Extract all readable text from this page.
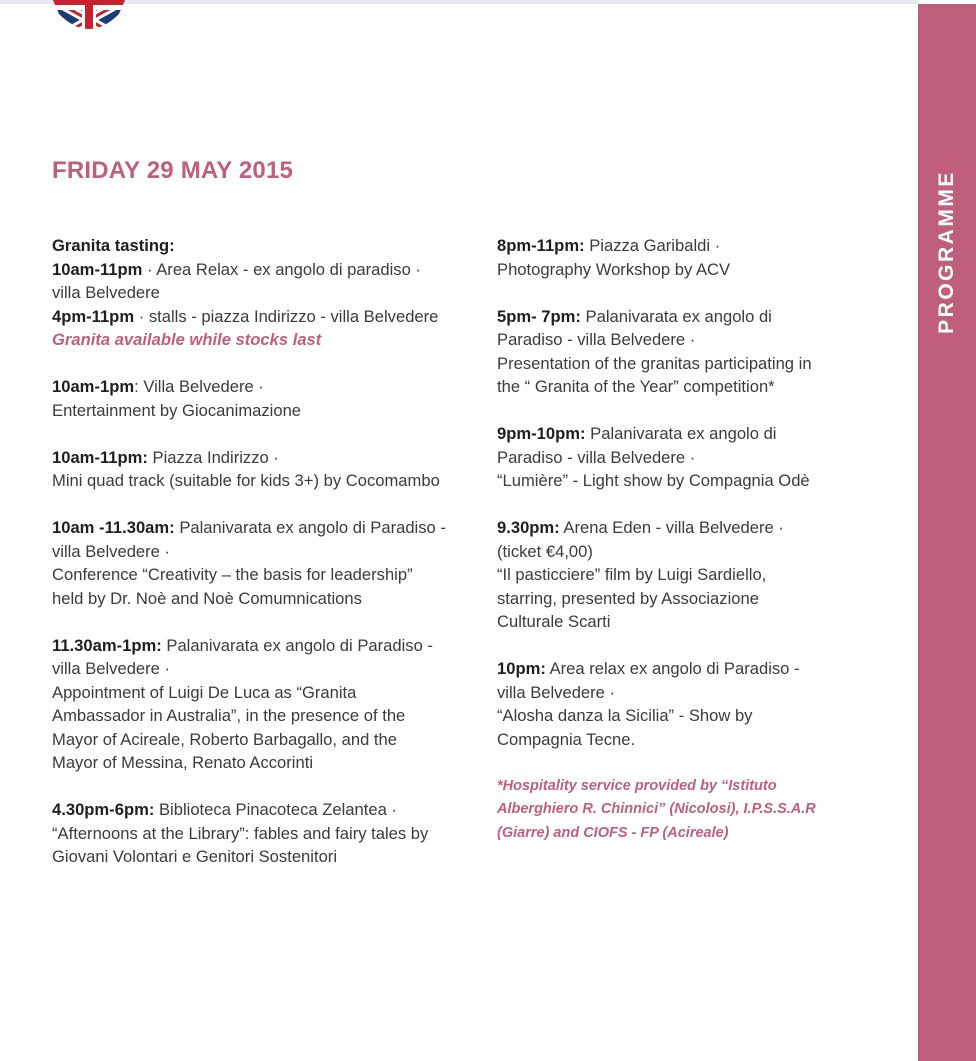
PROGRAMME
FRIDAY 29 MAY 2015
Granita tasting:
10am-11pm · Area Relax - ex angolo di paradiso ·
villa Belvedere
4pm-11pm · stalls - piazza Indirizzo - villa Belvedere
Granita available while stocks last
10am-1pm: Villa Belvedere ·
Entertainment by Giocanimazione
10am-11pm: Piazza Indirizzo ·
Mini quad track (suitable for kids 3+) by Cocomambo
10am -11.30am: Palanivarata ex angolo di Paradiso -
villa Belvedere ·
Conference “Creativity – the basis for leadership”
held by Dr. Noè and Noè Comumnications
11.30am-1pm: Palanivarata ex angolo di Paradiso -
villa Belvedere ·
Appointment of Luigi De Luca as “Granita
Ambassador in Australia”, in the presence of the
Mayor of Acireale, Roberto Barbagallo, and the
Mayor of Messina, Renato Accorinti
4.30pm-6pm: Biblioteca Pinacoteca Zelantea ·
“Afternoons at the Library”: fables and fairy tales by
Giovani Volontari e Genitori Sostenitori
8pm-11pm: Piazza Garibaldi ·
Photography Workshop by ACV
5pm- 7pm: Palanivarata ex angolo di
Paradiso - villa Belvedere ·
Presentation of the granitas participating in
the “ Granita of the Year” competition*
9pm-10pm: Palanivarata ex angolo di
Paradiso - villa Belvedere ·
“Lumière” - Light show by Compagnia Odè
9.30pm: Arena Eden - villa Belvedere ·
(ticket €4,00)
“Il pasticciere” film by Luigi Sardiello,
starring, presented by Associazione
Culturale Scarti
10pm: Area relax ex angolo di Paradiso -
villa Belvedere ·
“Alosha danza la Sicilia” - Show by
Compagnia Tecne.
*Hospitality service provided by “Istituto
Alberghiero R. Chinnici” (Nicolosi), I.P.S.S.A.R
(Giarre) and CIOFS - FP (Acireale)
